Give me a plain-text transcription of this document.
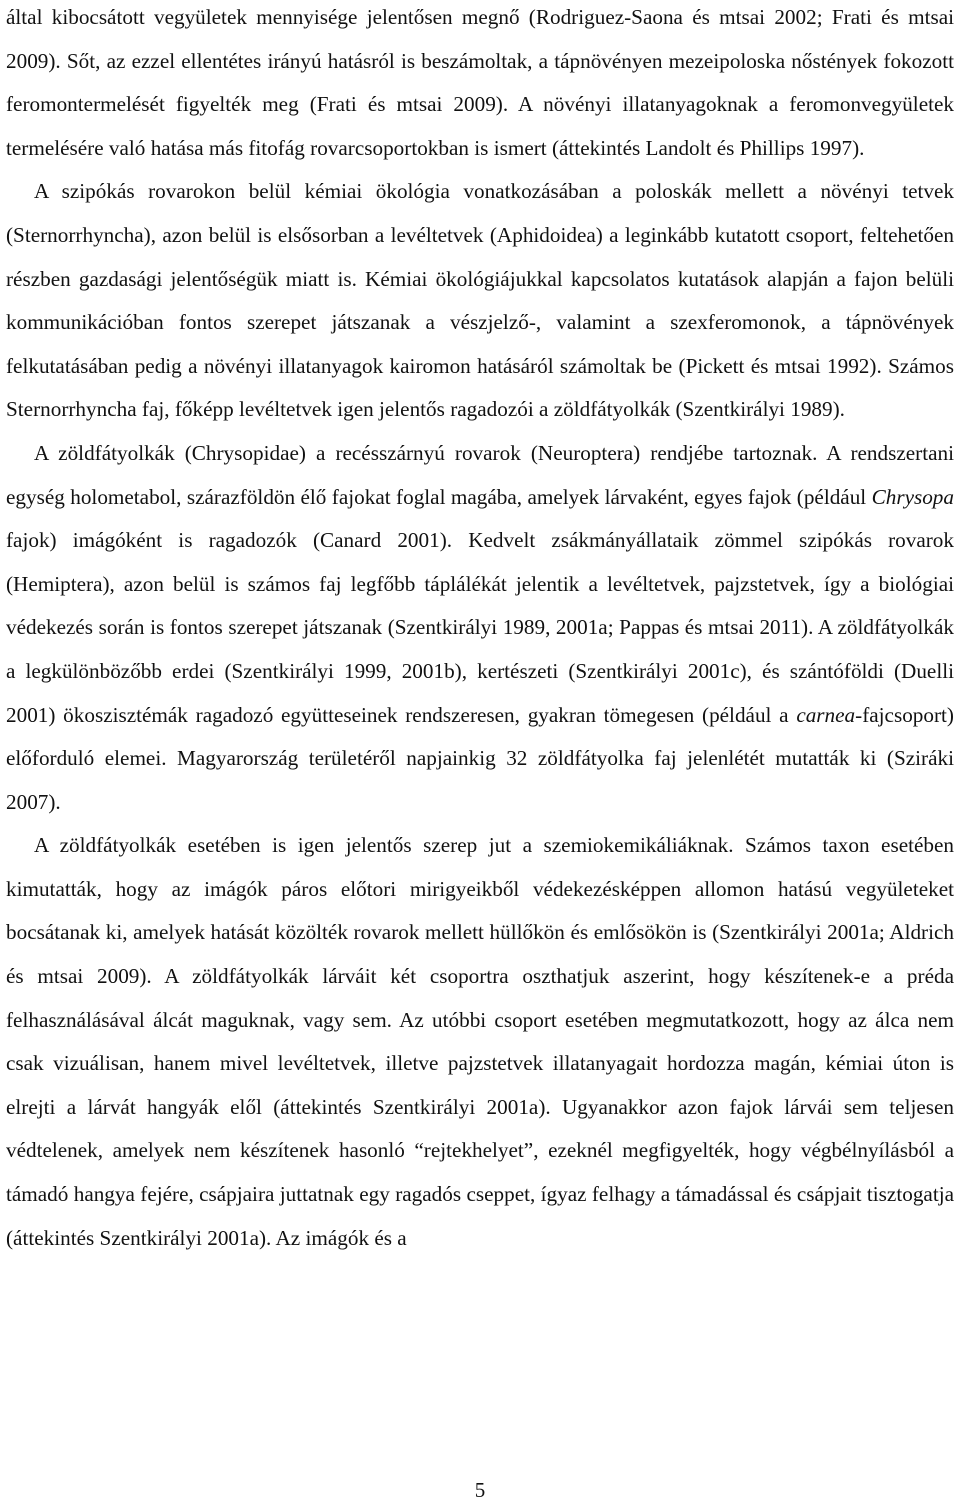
által kibocsátott vegyületek mennyisége jelentősen megnő (Rodriguez-Saona és mtsai 2002; Frati és mtsai 2009). Sőt, az ezzel ellentétes irányú hatásról is beszámoltak, a tápnövényen mezeipoloska nőstények fokozott feromontermelését figyelték meg (Frati és mtsai 2009). A növényi illatanyagoknak a feromonvegyületek termelésére való hatása más fitofág rovarcsoportokban is ismert (áttekintés Landolt és Phillips 1997).

A szipókás rovarokon belül kémiai ökológia vonatkozásában a poloskák mellett a növényi tetvek (Sternorrhyncha), azon belül is elsősorban a levéltetvek (Aphidoidea) a leginkább kutatott csoport, feltehetően részben gazdasági jelentőségük miatt is. Kémiai ökológiájukkal kapcsolatos kutatások alapján a fajon belüli kommunikációban fontos szerepet játszanak a vészjelző-, valamint a szexferomonok, a tápnövények felkutatásában pedig a növényi illatanyagok kairomon hatásáról számoltak be (Pickett és mtsai 1992). Számos Sternorrhyncha faj, főképp levéltetvek igen jelentős ragadozói a zöldfátyolkák (Szentkirályi 1989).

A zöldfátyolkák (Chrysopidae) a recésszárnyú rovarok (Neuroptera) rendjébe tartoznak. A rendszertani egység holometabol, szárazföldön élő fajokat foglal magába, amelyek lárvaként, egyes fajok (például Chrysopa fajok) imágóként is ragadozók (Canard 2001). Kedvelt zsákmányállataik zömmel szipókás rovarok (Hemiptera), azon belül is számos faj legfőbb táplálékát jelentik a levéltetvek, pajzstetvek, így a biológiai védekezés során is fontos szerepet játszanak (Szentkirályi 1989, 2001a; Pappas és mtsai 2011). A zöldfátyolkák a legkülönbözőbb erdei (Szentkirályi 1999, 2001b), kertészeti (Szentkirályi 2001c), és szántóföldi (Duelli 2001) ökoszisztémák ragadozó együtteseinek rendszeresen, gyakran tömegesen (például a carnea-fajcsoport) előforduló elemei. Magyarország területéről napjainkig 32 zöldfátyolka faj jelenlétét mutatták ki (Sziráki 2007).

A zöldfátyolkák esetében is igen jelentős szerep jut a szemiokemikáliáknak. Számos taxon esetében kimutatták, hogy az imágók páros előtori mirigyeikből védekezésképpen allomon hatású vegyületeket bocsátanak ki, amelyek hatását közölték rovarok mellett hüllőkön és emlősökön is (Szentkirályi 2001a; Aldrich és mtsai 2009). A zöldfátyolkák lárváit két csoportra oszthatjuk aszerint, hogy készítenek-e a préda felhasználásával álcát maguknak, vagy sem. Az utóbbi csoport esetében megmutatkozott, hogy az álca nem csak vizuálisan, hanem mivel levéltetvek, illetve pajzstetvek illatanyagait hordozza magán, kémiai úton is elrejti a lárvát hangyák elől (áttekintés Szentkirályi 2001a). Ugyanakkor azon fajok lárvái sem teljesen védtelenek, amelyek nem készítenek hasonló “rejtekhelyet”, ezeknél megfigyelték, hogy végbélnyílásból a támadó hangya fejére, csápjaira juttatnak egy ragadós cseppet, ígyaz felhagy a támadással és csápjait tisztogatja (áttekintés Szentkirályi 2001a). Az imágók és a

5
